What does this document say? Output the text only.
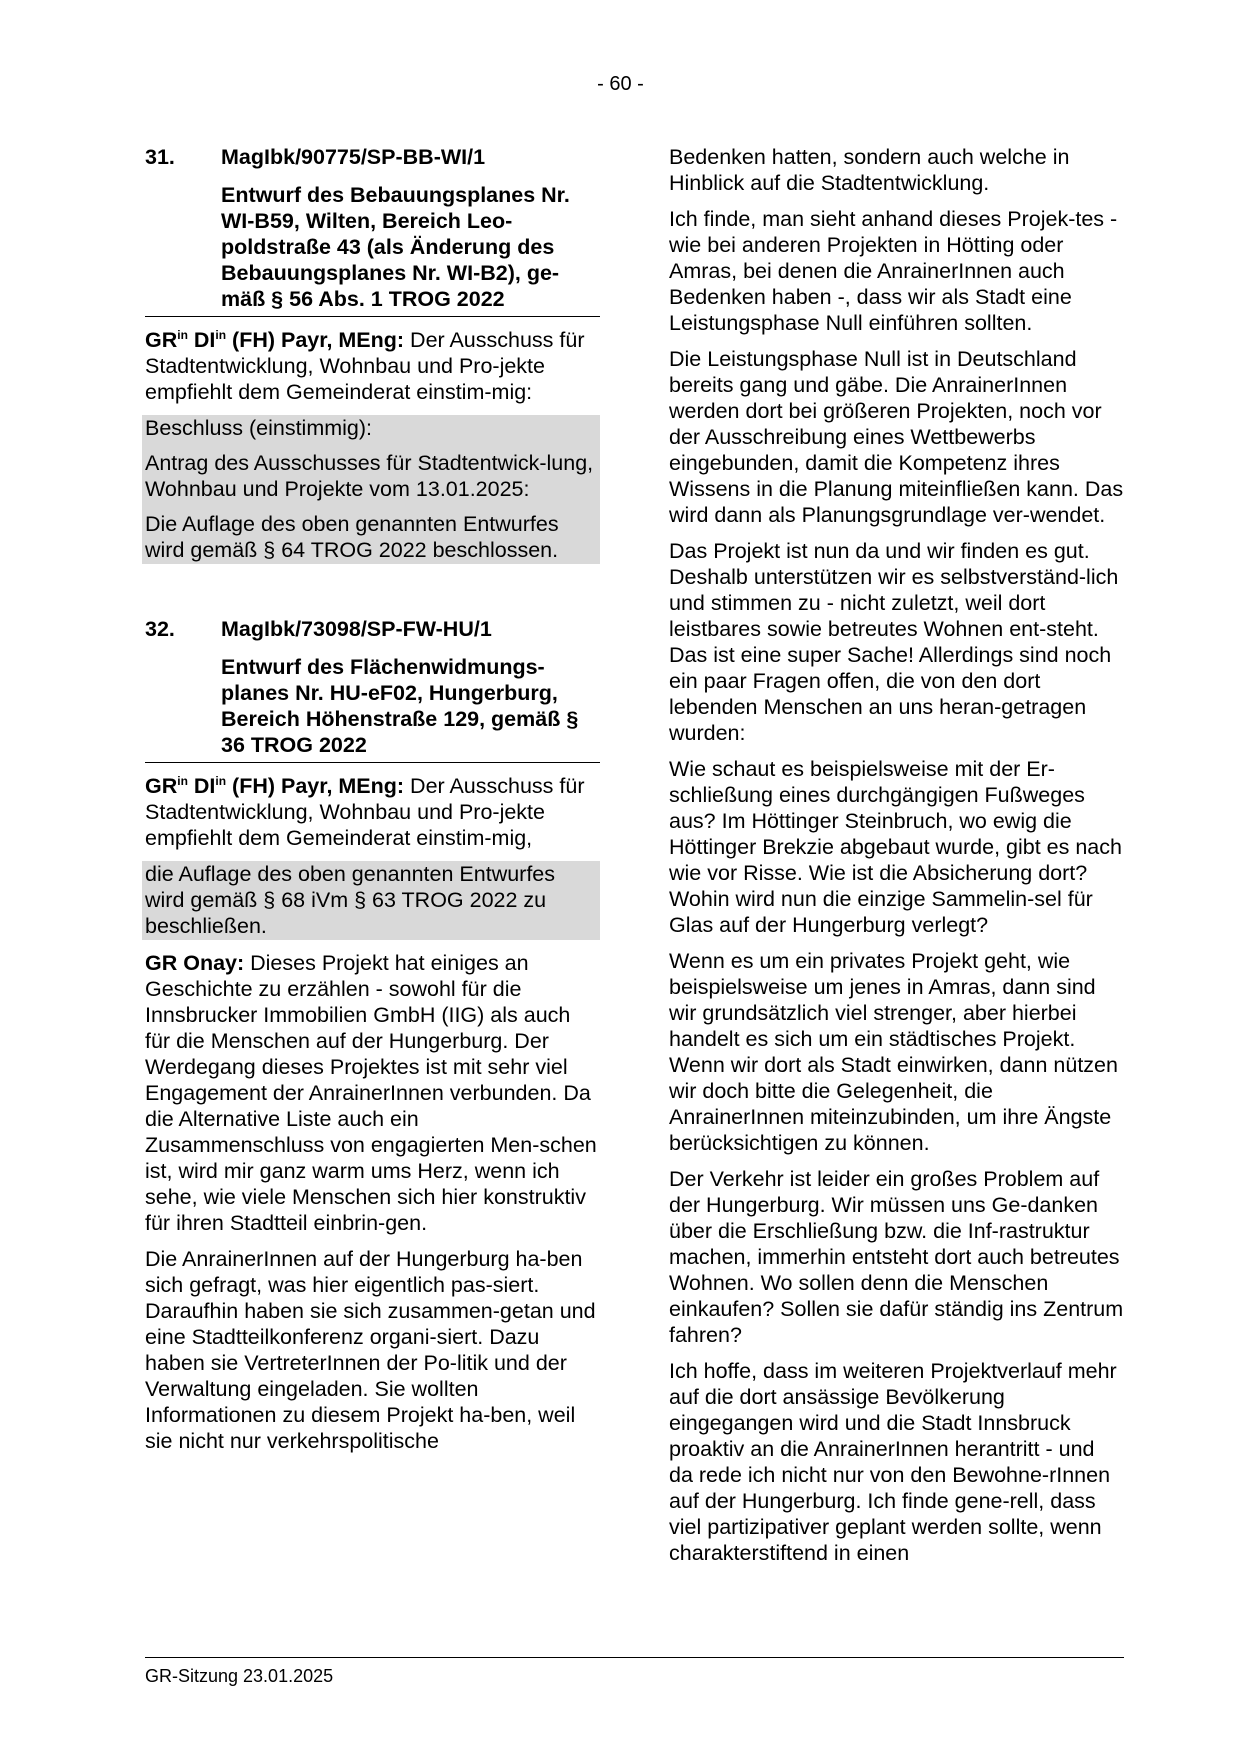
- 60 -
31. MagIbk/90775/SP-BB-WI/1
Entwurf des Bebauungsplanes Nr. WI-B59, Wilten, Bereich Leo-poldstraße 43 (als Änderung des Bebauungsplanes Nr. WI-B2), ge-mäß § 56 Abs. 1 TROG 2022

$GR^{in}$ $DI^{in}$ (FH) Payr, MEng: Der Ausschuss für Stadtentwicklung, Wohnbau und Pro-jekte empfiehlt dem Gemeinderat einstim-mig:

Beschluss (einstimmig):

Antrag des Ausschusses für Stadtentwick-lung, Wohnbau und Projekte vom 13.01.2025:

Die Auflage des oben genannten Entwurfes wird gemäß § 64 TROG 2022 beschlossen.

32. MagIbk/73098/SP-FW-HU/1
Entwurf des Flächenwidmungs-planes Nr. HU-eF02, Hungerburg, Bereich Höhenstraße 129, gemäß § 36 TROG 2022

$GR^{in}$ $DI^{in}$ (FH) Payr, MEng: Der Ausschuss für Stadtentwicklung, Wohnbau und Pro-jekte empfiehlt dem Gemeinderat einstim-mig,

die Auflage des oben genannten Entwurfes wird gemäß § 68 iVm § 63 TROG 2022 zu beschließen.

GR Onay: Dieses Projekt hat einiges an Geschichte zu erzählen - sowohl für die Innsbrucker Immobilien GmbH (IIG) als auch für die Menschen auf der Hungerburg. Der Werdegang dieses Projektes ist mit sehr viel Engagement der AnrainerInnen verbunden. Da die Alternative Liste auch ein Zusammenschluss von engagierten Men-schen ist, wird mir ganz warm ums Herz, wenn ich sehe, wie viele Menschen sich hier konstruktiv für ihren Stadtteil einbrin-gen.

Die AnrainerInnen auf der Hungerburg ha-ben sich gefragt, was hier eigentlich pas-siert. Daraufhin haben sie sich zusammen-getan und eine Stadtteilkonferenz organi-siert. Dazu haben sie VertreterInnen der Po-litik und der Verwaltung eingeladen. Sie wollten Informationen zu diesem Projekt ha-ben, weil sie nicht nur verkehrspolitische

Bedenken hatten, sondern auch welche in Hinblick auf die Stadtentwicklung.

Ich finde, man sieht anhand dieses Projek-tes - wie bei anderen Projekten in Hötting oder Amras, bei denen die AnrainerInnen auch Bedenken haben -, dass wir als Stadt eine Leistungsphase Null einführen sollten.

Die Leistungsphase Null ist in Deutschland bereits gang und gäbe. Die AnrainerInnen werden dort bei größeren Projekten, noch vor der Ausschreibung eines Wettbewerbs eingebunden, damit die Kompetenz ihres Wissens in die Planung miteinfließen kann. Das wird dann als Planungsgrundlage ver-wendet.

Das Projekt ist nun da und wir finden es gut. Deshalb unterstützen wir es selbstverständ-lich und stimmen zu - nicht zuletzt, weil dort leistbares sowie betreutes Wohnen ent-steht. Das ist eine super Sache! Allerdings sind noch ein paar Fragen offen, die von den dort lebenden Menschen an uns heran-getragen wurden:

Wie schaut es beispielsweise mit der Er-schließung eines durchgängigen Fußweges aus? Im Höttinger Steinbruch, wo ewig die Höttinger Brekzie abgebaut wurde, gibt es nach wie vor Risse. Wie ist die Absicherung dort? Wohin wird nun die einzige Sammelin-sel für Glas auf der Hungerburg verlegt?

Wenn es um ein privates Projekt geht, wie beispielsweise um jenes in Amras, dann sind wir grundsätzlich viel strenger, aber hierbei handelt es sich um ein städtisches Projekt. Wenn wir dort als Stadt einwirken, dann nützen wir doch bitte die Gelegenheit, die AnrainerInnen miteinzubinden, um ihre Ängste berücksichtigen zu können.

Der Verkehr ist leider ein großes Problem auf der Hungerburg. Wir müssen uns Ge-danken über die Erschließung bzw. die Inf-rastruktur machen, immerhin entsteht dort auch betreutes Wohnen. Wo sollen denn die Menschen einkaufen? Sollen sie dafür ständig ins Zentrum fahren?

Ich hoffe, dass im weiteren Projektverlauf mehr auf die dort ansässige Bevölkerung eingegangen wird und die Stadt Innsbruck proaktiv an die AnrainerInnen herantritt - und da rede ich nicht nur von den Bewohne-rInnen auf der Hungerburg. Ich finde gene-rell, dass viel partizipativer geplant werden sollte, wenn charakterstiftend in einen

GR-Sitzung 23.01.2025
